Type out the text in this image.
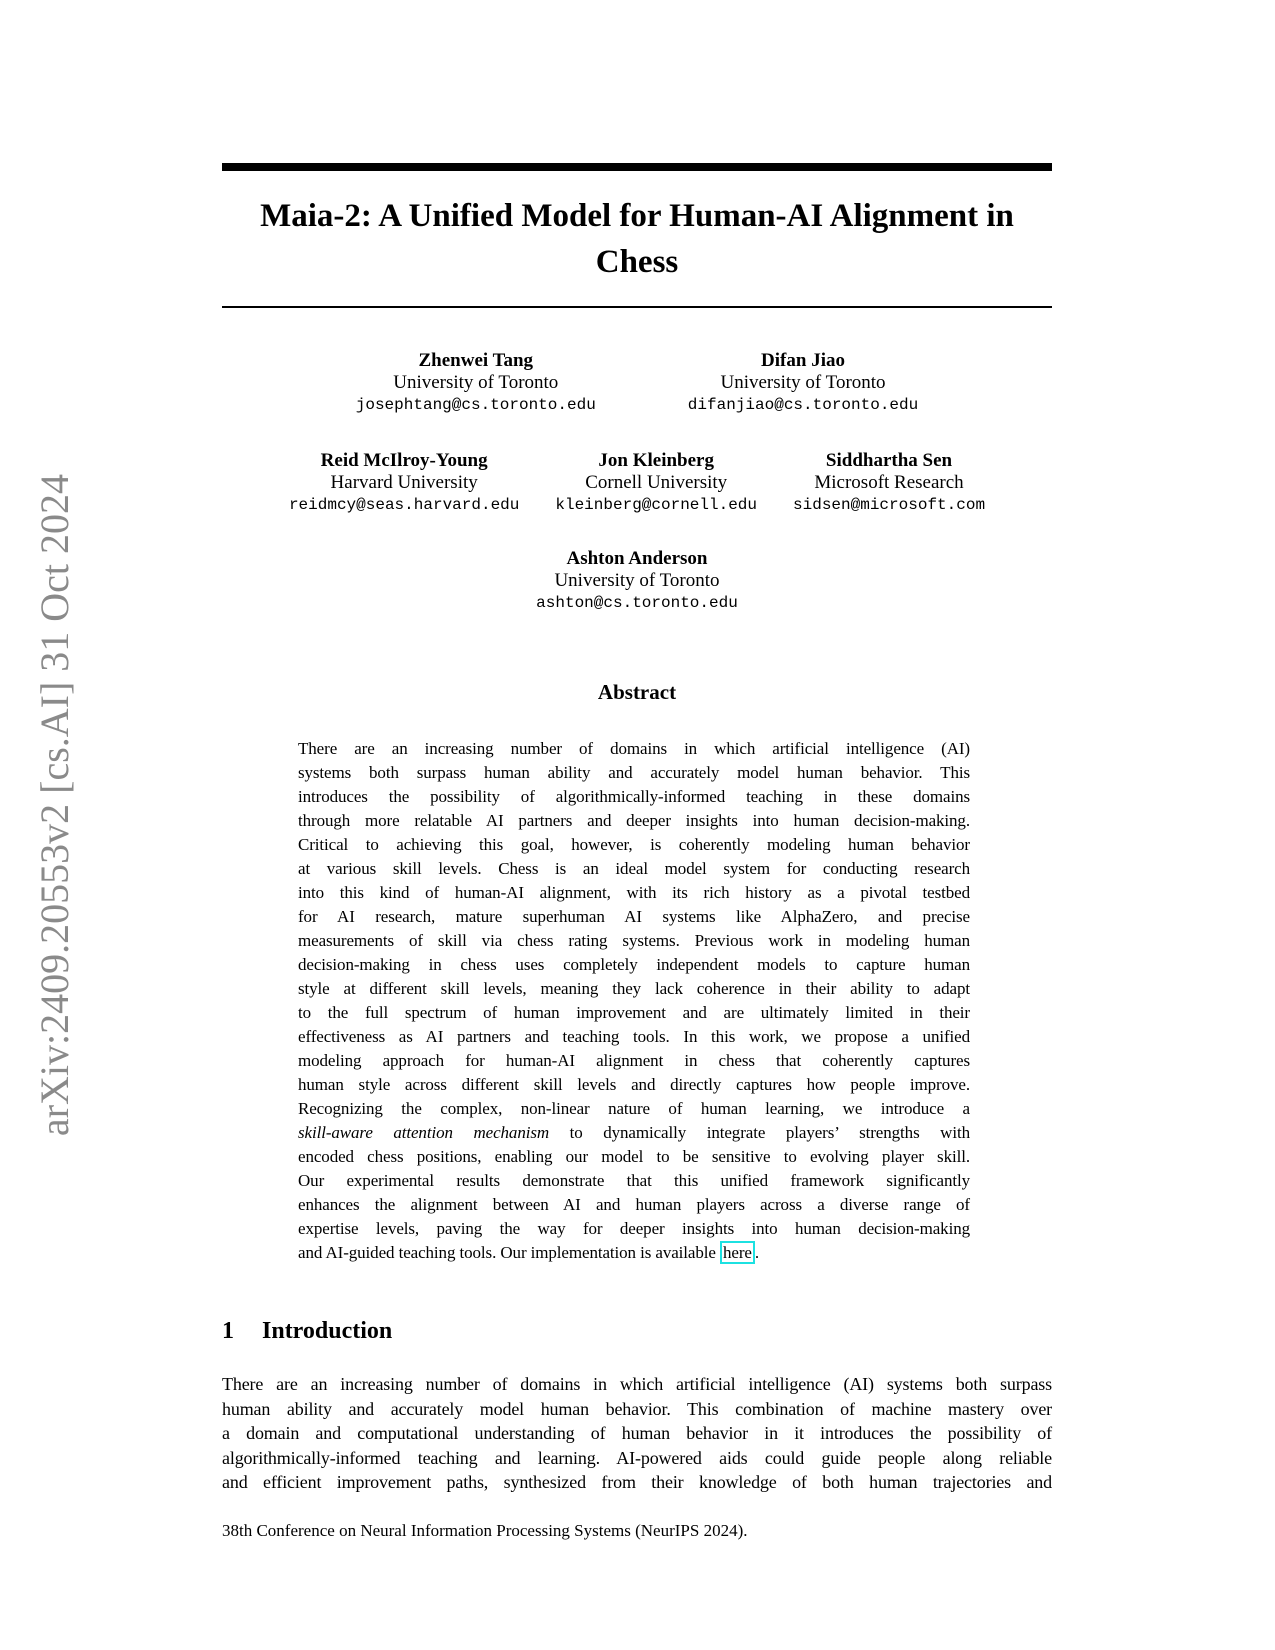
arXiv:2409.20553v2 [cs.AI] 31 Oct 2024
Maia-2: A Unified Model for Human-AI Alignment in
Chess
Zhenwei Tang
University of Toronto
josephtang@cs.toronto.edu
Difan Jiao
University of Toronto
difanjiao@cs.toronto.edu
Reid McIlroy-Young
Harvard University
reidmcy@seas.harvard.edu
Jon Kleinberg
Cornell University
kleinberg@cornell.edu
Siddhartha Sen
Microsoft Research
sidsen@microsoft.com
Ashton Anderson
University of Toronto
ashton@cs.toronto.edu
Abstract
There are an increasing number of domains in which artificial intelligence (AI)
systems both surpass human ability and accurately model human behavior. This
introduces the possibility of algorithmically-informed teaching in these domains
through more relatable AI partners and deeper insights into human decision-making.
Critical to achieving this goal, however, is coherently modeling human behavior
at various skill levels. Chess is an ideal model system for conducting research
into this kind of human-AI alignment, with its rich history as a pivotal testbed
for AI research, mature superhuman AI systems like AlphaZero, and precise
measurements of skill via chess rating systems. Previous work in modeling human
decision-making in chess uses completely independent models to capture human
style at different skill levels, meaning they lack coherence in their ability to adapt
to the full spectrum of human improvement and are ultimately limited in their
effectiveness as AI partners and teaching tools. In this work, we propose a unified
modeling approach for human-AI alignment in chess that coherently captures
human style across different skill levels and directly captures how people improve.
Recognizing the complex, non-linear nature of human learning, we introduce a
skill-aware attention mechanism to dynamically integrate players’ strengths with
encoded chess positions, enabling our model to be sensitive to evolving player skill.
Our experimental results demonstrate that this unified framework significantly
enhances the alignment between AI and human players across a diverse range of
expertise levels, paving the way for deeper insights into human decision-making
and AI-guided teaching tools. Our implementation is available here .
1 Introduction
There are an increasing number of domains in which artificial intelligence (AI) systems both surpass
human ability and accurately model human behavior. This combination of machine mastery over
a domain and computational understanding of human behavior in it introduces the possibility of
algorithmically-informed teaching and learning. AI-powered aids could guide people along reliable
and efficient improvement paths, synthesized from their knowledge of both human trajectories and
38th Conference on Neural Information Processing Systems (NeurIPS 2024).
